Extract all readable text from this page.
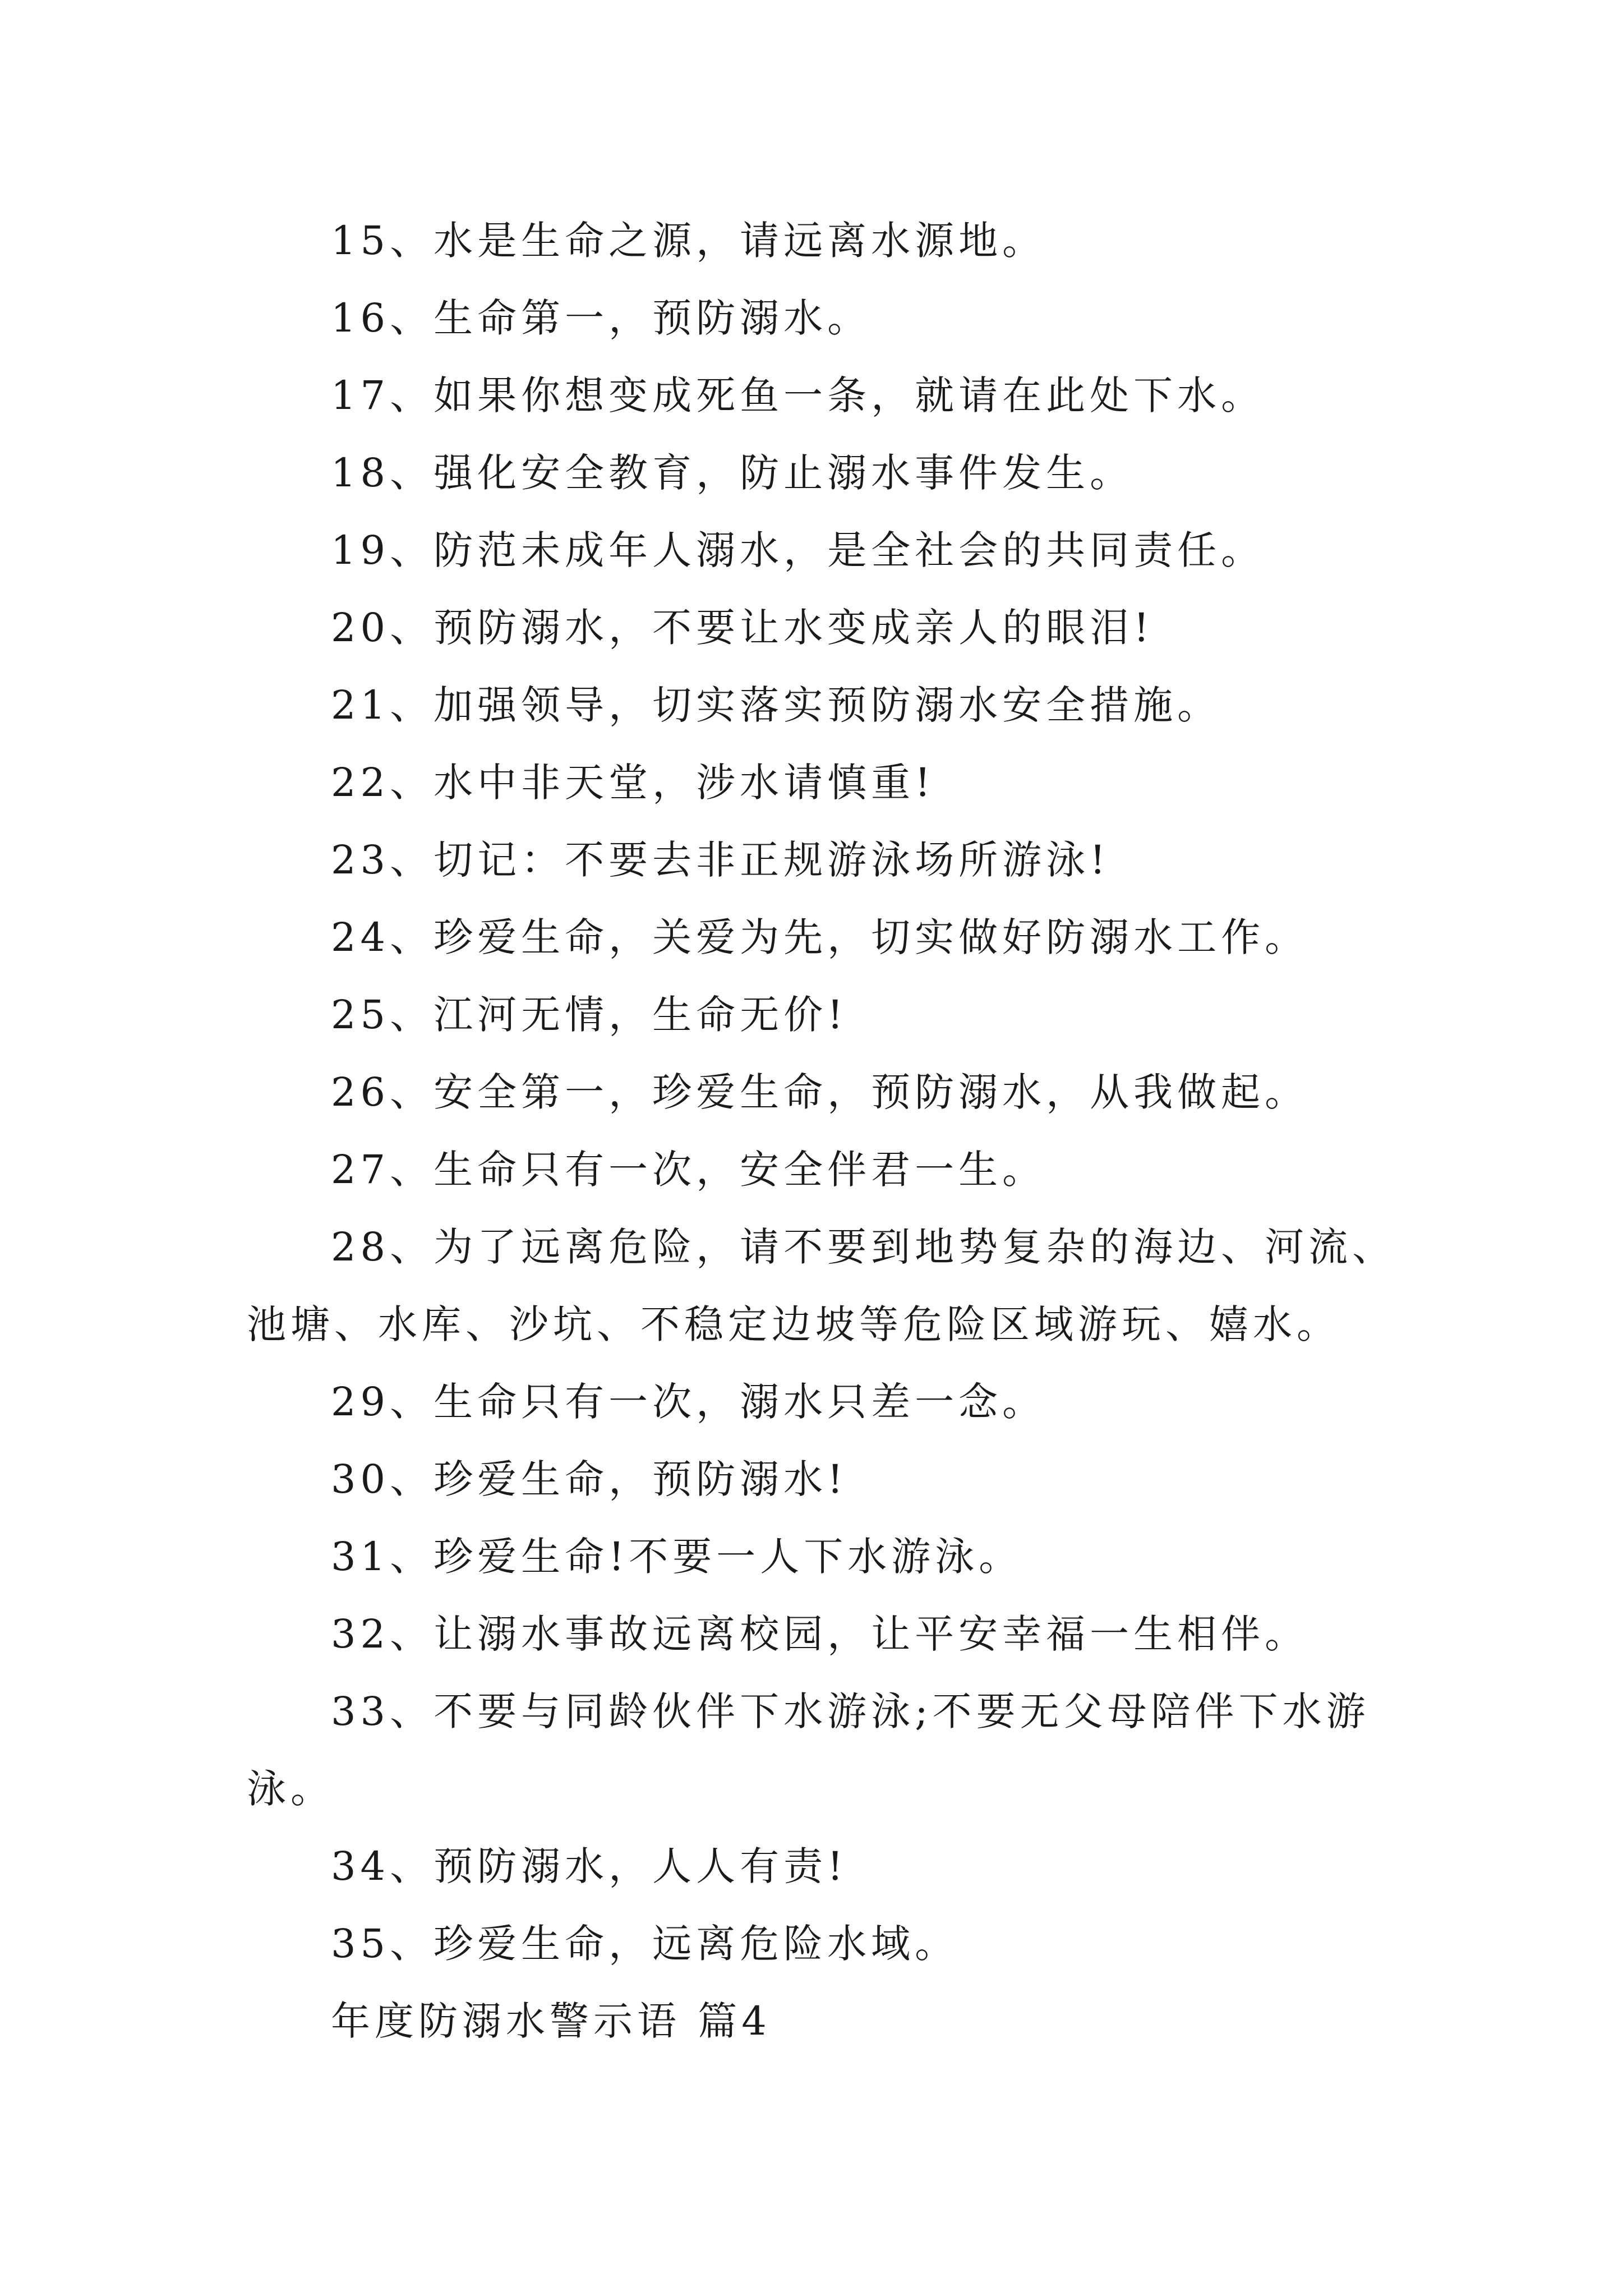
15、水是生命之源，请远离水源地。
16、生命第一，预防溺水。
17、如果你想变成死鱼一条，就请在此处下水。
18、强化安全教育，防止溺水事件发生。
19、防范未成年人溺水，是全社会的共同责任。
20、预防溺水，不要让水变成亲人的眼泪!
21、加强领导，切实落实预防溺水安全措施。
22、水中非天堂，涉水请慎重!
23、切记：不要去非正规游泳场所游泳!
24、珍爱生命，关爱为先，切实做好防溺水工作。
25、江河无情，生命无价!
26、安全第一，珍爱生命，预防溺水，从我做起。
27、生命只有一次，安全伴君一生。
28、为了远离危险，请不要到地势复杂的海边、河流、池塘、水库、沙坑、不稳定边坡等危险区域游玩、嬉水。
29、生命只有一次，溺水只差一念。
30、珍爱生命，预防溺水!
31、珍爱生命!不要一人下水游泳。
32、让溺水事故远离校园，让平安幸福一生相伴。
33、不要与同龄伙伴下水游泳;不要无父母陪伴下水游泳。
34、预防溺水，人人有责!
35、珍爱生命，远离危险水域。
年度防溺水警示语 篇4
